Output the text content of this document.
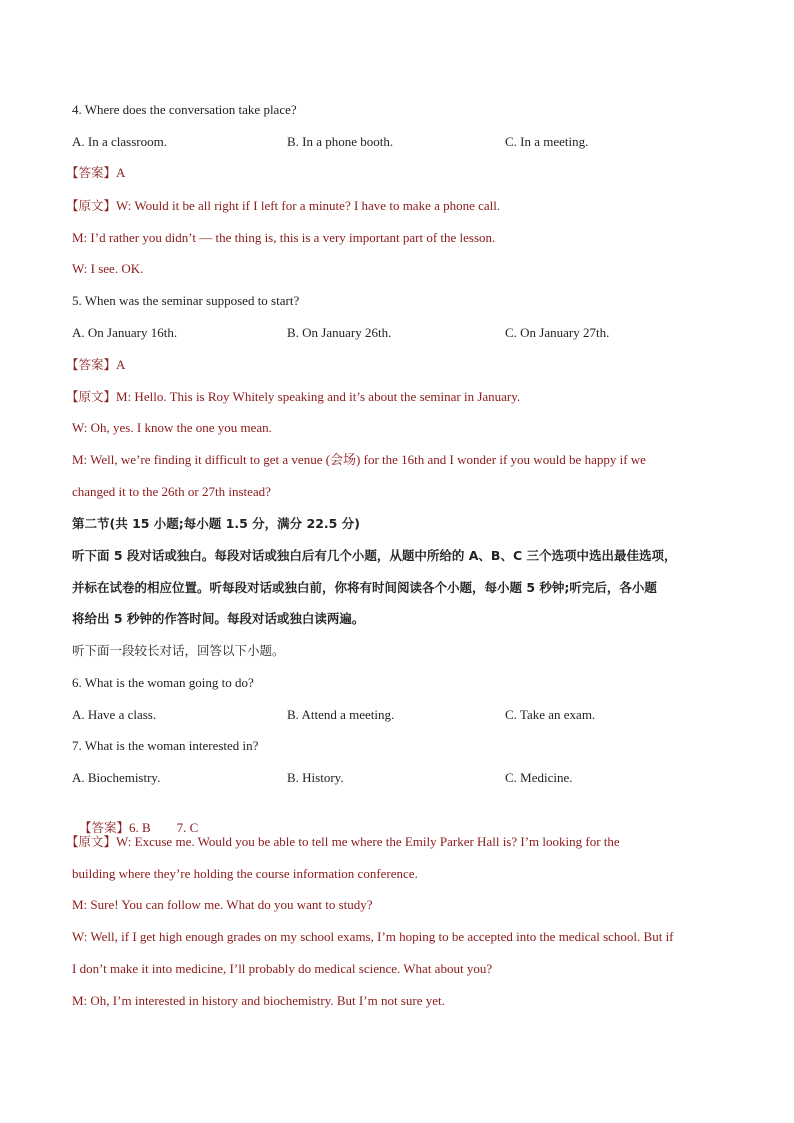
4. Where does the conversation take place?
A. In a classroom.	B. In a phone booth.	C. In a meeting.
【答案】A
【原文】W: Would it be all right if I left for a minute? I have to make a phone call.
M: I’d rather you didn’t — the thing is, this is a very important part of the lesson.
W: I see. OK.
5. When was the seminar supposed to start?
A. On January 16th.	B. On January 26th.	C. On January 27th.
【答案】A
【原文】M: Hello. This is Roy Whitely speaking and it’s about the seminar in January.
W: Oh, yes. I know the one you mean.
M: Well, we’re finding it difficult to get a venue (会场) for the 16th and I wonder if you would be happy if we
changed it to the 26th or 27th instead?
第二节(共 15 小题;每小题 1.5 分，满分 22.5 分)
听下面 5 段对话或独白。每段对话或独白后有几个小题，从题中所给的 A、B、C 三个选项中选出最佳选项，
并标在试卷的相应位置。听每段对话或独白前，你将有时间阅读各个小题，每小题 5 秒钟;听完后，各小题
将给出 5 秒钟的作答时间。每段对话或独白读两遍。
听下面一段较长对话，回答以下小题。
6. What is the woman going to do?
A. Have a class.	B. Attend a meeting.	C. Take an exam.
7. What is the woman interested in?
A. Biochemistry.	B. History.	C. Medicine.

【答案】6. B        7. C

【原文】W: Excuse me. Would you be able to tell me where the Emily Parker Hall is? I’m looking for the
building where they’re holding the course information conference.
M: Sure! You can follow me. What do you want to study?
W: Well, if I get high enough grades on my school exams, I’m hoping to be accepted into the medical school. But if
I don’t make it into medicine, I’ll probably do medical science. What about you?
M: Oh, I’m interested in history and biochemistry. But I’m not sure yet.
